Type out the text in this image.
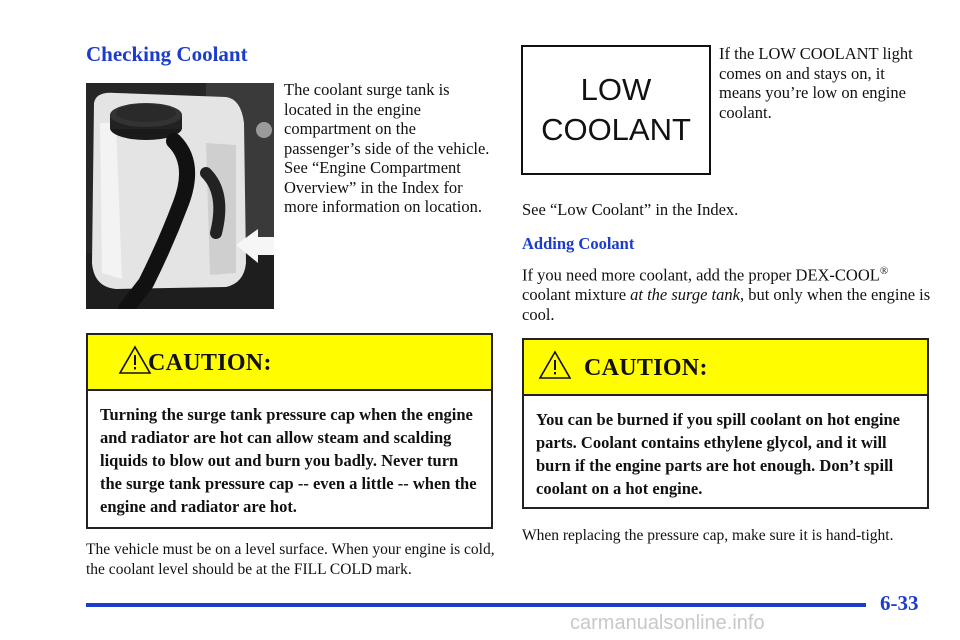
Checking Coolant
The coolant surge tank is located in the engine compartment on the passenger’s side of the vehicle. See “Engine Compartment Overview” in the Index for more information on location.
CAUTION:
Turning the surge tank pressure cap when the engine and radiator are hot can allow steam and scalding liquids to blow out and burn you badly. Never turn the surge tank pressure cap -- even a little -- when the engine and radiator are hot.
The vehicle must be on a level surface. When your engine is cold, the coolant level should be at the FILL COLD mark.
LOW
COOLANT
If the LOW COOLANT light comes on and stays on, it means you’re low on engine coolant.
See “Low Coolant” in the Index.
Adding Coolant
If you need more coolant, add the proper DEX-COOL® coolant mixture at the surge tank, but only when the engine is cool.
CAUTION:
You can be burned if you spill coolant on hot engine parts. Coolant contains ethylene glycol, and it will burn if the engine parts are hot enough. Don’t spill coolant on a hot engine.
When replacing the pressure cap, make sure it is hand-tight.
6-33
carmanualsonline.info
